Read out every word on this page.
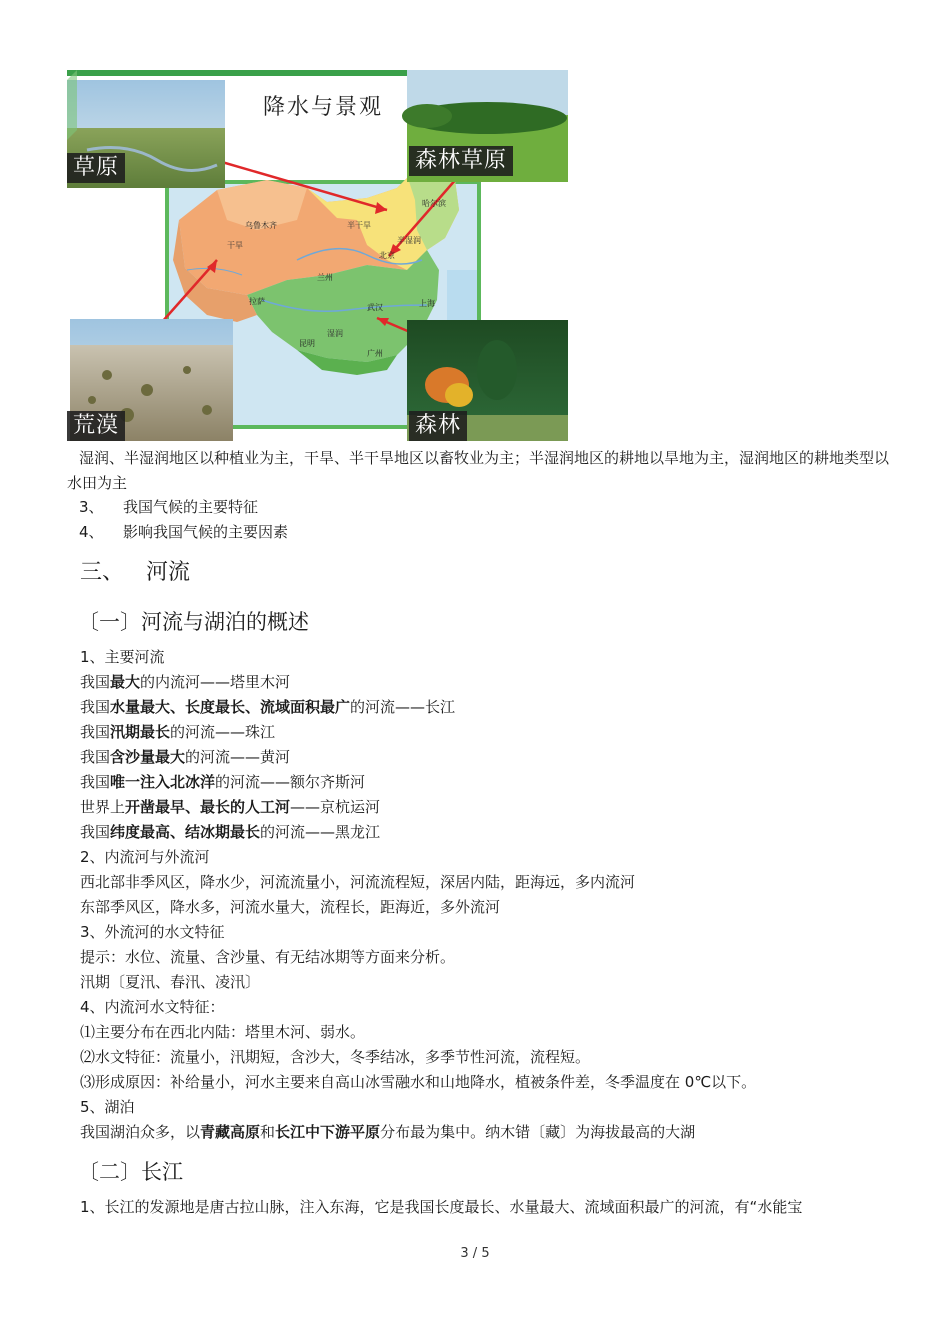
降水与景观
草原	森林草原
荒漠	森林
乌鲁木齐
哈尔滨
北京
兰州
拉萨
武汉	上海
昆明
广州
干旱
半干旱
半湿润
湿润
湿润、半湿润地区以种植业为主，干旱、半干旱地区以畜牧业为主；半湿润地区的耕地以旱地为主，湿润地区的耕地类型以水田为主
3、 我国气候的主要特征
4、 影响我国气候的主要因素
三、 河流
〔一〕河流与湖泊的概述
1、主要河流
我国最大的内流河——塔里木河
我国水量最大、长度最长、流域面积最广的河流——长江
我国汛期最长的河流——珠江
我国含沙量最大的河流——黄河
我国唯一注入北冰洋的河流——额尔齐斯河
世界上开凿最早、最长的人工河——京杭运河
我国纬度最高、结冰期最长的河流——黑龙江
2、内流河与外流河
西北部非季风区，降水少，河流流量小，河流流程短，深居内陆，距海远，多内流河
东部季风区，降水多，河流水量大，流程长，距海近，多外流河
3、外流河的水文特征
提示：水位、流量、含沙量、有无结冰期等方面来分析。
汛期〔夏汛、春汛、凌汛〕
4、内流河水文特征：
⑴主要分布在西北内陆：塔里木河、弱水。
⑵水文特征：流量小，汛期短，含沙大，冬季结冰，多季节性河流，流程短。
⑶形成原因：补给量小，河水主要来自高山冰雪融水和山地降水，植被条件差，冬季温度在 0℃以下。
5、湖泊
我国湖泊众多，以青藏高原和长江中下游平原分布最为集中。纳木错〔藏〕为海拔最高的大湖
〔二〕长江
1、长江的发源地是唐古拉山脉，注入东海，它是我国长度最长、水量最大、流域面积最广的河流，有“水能宝
3 / 5
